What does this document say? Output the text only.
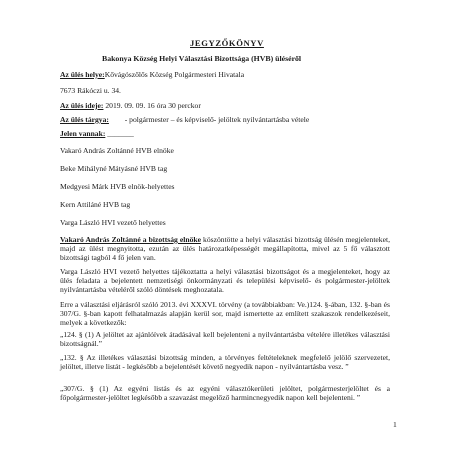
JEGYZŐKÖNYV
Bakonya Község Helyi Választási Bizottsága (HVB) üléséről
Az ülés helye:Kővágószőlős Község Polgármesteri Hivatala
7673 Rákóczi u. 34.
Az ülés ideje: 2019. 09. 09. 16 óra 30 perckor
Az ülés tárgya: - polgármester – és képviselő- jelöltek nyilvántartásba vétele
Jelen vannak: _______
Vakaró András Zoltánné HVB elnöke
Beke Mihályné Mátyásné HVB tag
Medgyesi Márk HVB elnök-helyettes
Kern Attiláné HVB tag
Varga László HVI vezető helyettes
Vakaró András Zoltánné a bizottság elnöke köszöntötte a helyi választási bizottság ülésén megjelenteket, majd az ülést megnyitotta, ezután az ülés határozatképességét megállapította, mivel az 5 fő választott bizottsági tagból 4 fő jelen van.
Varga László HVI vezető helyettes tájékoztatta a helyi választási bizottságot és a megjelenteket, hogy az ülés feladata a bejelentett nemzetiségi önkormányzati és települési képviselő- és polgármester-jelöltek nyilvántartásba vételéről szóló döntések meghozatala.
Erre a választási eljárásról szóló 2013. évi XXXVI. törvény (a továbbiakban: Ve.)124. §-ában, 132. §-ban és 307/G. §-ban kapott felhatalmazás alapján kerül sor, majd ismertette az említett szakaszok rendelkezéseit, melyek a következők:
„124. § (1) A jelöltet az ajánlóívek átadásával kell bejelenteni a nyilvántartásba vételére illetékes választási bizottságnál.”
„132. § Az illetékes választási bizottság minden, a törvényes feltételeknek megfelelő jelölő szervezetet, jelöltet, illetve listát - legkésőbb a bejelentését követő negyedik napon - nyilvántartásba vesz. ”
„307/G. § (1) Az egyéni listás és az egyéni választókerületi jelöltet, polgármesterjelöltet és a főpolgármester-jelöltet legkésőbb a szavazást megelőző harmincnegyedik napon kell bejelenteni. ”
1
